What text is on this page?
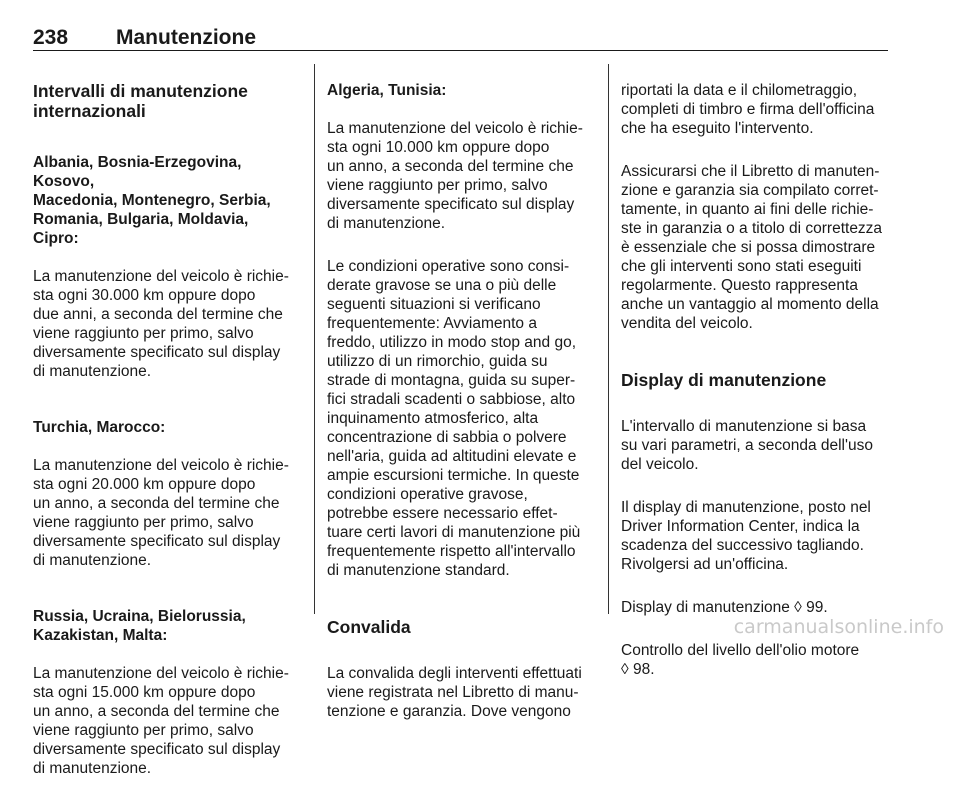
238 Manutenzione

Intervalli di manutenzione
internazionali

Albania, Bosnia-Erzegovina, Kosovo,
Macedonia, Montenegro, Serbia,
Romania, Bulgaria, Moldavia, Cipro:

La manutenzione del veicolo è richie-
sta ogni 30.000 km oppure dopo
due anni, a seconda del termine che
viene raggiunto per primo, salvo
diversamente specificato sul display
di manutenzione.

Turchia, Marocco:

La manutenzione del veicolo è richie-
sta ogni 20.000 km oppure dopo
un anno, a seconda del termine che
viene raggiunto per primo, salvo
diversamente specificato sul display
di manutenzione.

Russia, Ucraina, Bielorussia,
Kazakistan, Malta:

La manutenzione del veicolo è richie-
sta ogni 15.000 km oppure dopo
un anno, a seconda del termine che
viene raggiunto per primo, salvo
diversamente specificato sul display
di manutenzione.

Algeria, Tunisia:

La manutenzione del veicolo è richie-
sta ogni 10.000 km oppure dopo
un anno, a seconda del termine che
viene raggiunto per primo, salvo
diversamente specificato sul display
di manutenzione.

Le condizioni operative sono consi-
derate gravose se una o più delle
seguenti situazioni si verificano
frequentemente: Avviamento a
freddo, utilizzo in modo stop and go,
utilizzo di un rimorchio, guida su
strade di montagna, guida su super-
fici stradali scadenti o sabbiose, alto
inquinamento atmosferico, alta
concentrazione di sabbia o polvere
nell'aria, guida ad altitudini elevate e
ampie escursioni termiche. In queste
condizioni operative gravose,
potrebbe essere necessario effet-
tuare certi lavori di manutenzione più
frequentemente rispetto all'intervallo
di manutenzione standard.

Convalida

La convalida degli interventi effettuati
viene registrata nel Libretto di manu-
tenzione e garanzia. Dove vengono

riportati la data e il chilometraggio,
completi di timbro e firma dell'officina
che ha eseguito l'intervento.

Assicurarsi che il Libretto di manuten-
zione e garanzia sia compilato corret-
tamente, in quanto ai fini delle richie-
ste in garanzia o a titolo di correttezza
è essenziale che si possa dimostrare
che gli interventi sono stati eseguiti
regolarmente. Questo rappresenta
anche un vantaggio al momento della
vendita del veicolo.

Display di manutenzione

L'intervallo di manutenzione si basa
su vari parametri, a seconda dell'uso
del veicolo.

Il display di manutenzione, posto nel
Driver Information Center, indica la
scadenza del successivo tagliando.
Rivolgersi ad un'officina.

Display di manutenzione ◊ 99.

Controllo del livello dell'olio motore
◊ 98.

carmanualsonline.info
